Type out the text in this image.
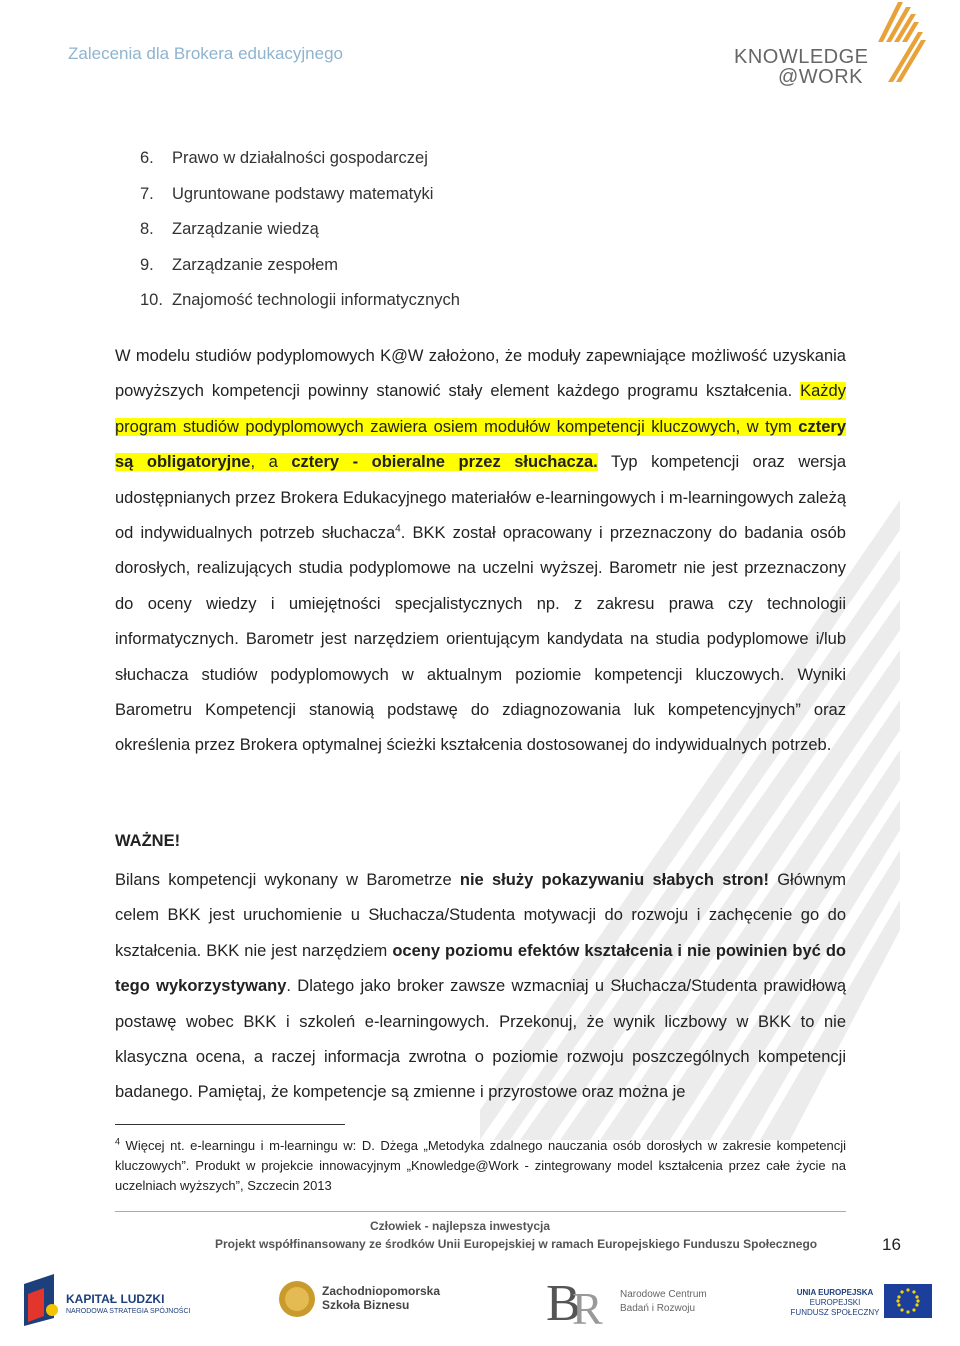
Zalecenia dla Brokera edukacyjnego	KNOWLEDGE
@WORK
6. Prawo w działalności gospodarczej
7. Ugruntowane podstawy matematyki
8. Zarządzanie wiedzą
9. Zarządzanie zespołem
10. Znajomość technologii informatycznych

W modelu studiów podyplomowych K@W założono, że moduły zapewniające możliwość uzyskania powyższych kompetencji powinny stanowić stały element każdego programu kształcenia. Każdy program studiów podyplomowych zawiera osiem modułów kompetencji kluczowych, w tym cztery są obligatoryjne, a cztery - obieralne przez słuchacza. Typ kompetencji oraz wersja udostępnianych przez Brokera Edukacyjnego materiałów e-learningowych i m-learningowych zależą od indywidualnych potrzeb słuchacza$^4$. BKK został opracowany i przeznaczony do badania osób dorosłych, realizujących studia podyplomowe na uczelni wyższej. Barometr nie jest przeznaczony do oceny wiedzy i umiejętności specjalistycznych np. z zakresu prawa czy technologii informatycznych. Barometr jest narzędziem orientującym kandydata na studia podyplomowe i/lub słuchacza studiów podyplomowych w aktualnym poziomie kompetencji kluczowych. Wyniki Barometru Kompetencji stanowią podstawę do zdiagnozowania luk kompetencyjnych” oraz określenia przez Brokera optymalnej ścieżki kształcenia dostosowanej do indywidualnych potrzeb.

WAŻNE!

Bilans kompetencji wykonany w Barometrze nie służy pokazywaniu słabych stron! Głównym celem BKK jest uruchomienie u Słuchacza/Studenta motywacji do rozwoju i zachęcenie go do kształcenia. BKK nie jest narzędziem oceny poziomu efektów kształcenia i nie powinien być do tego wykorzystywany. Dlatego jako broker zawsze wzmacniaj u Słuchacza/Studenta prawidłową postawę wobec BKK i szkoleń e-learningowych. Przekonuj, że wynik liczbowy w BKK to nie klasyczna ocena, a raczej informacja zwrotna o poziomie rozwoju poszczególnych kompetencji badanego. Pamiętaj, że kompetencje są zmienne i przyrostowe oraz można je

$^4$ Więcej nt. e-learningu i m-learningu w: D. Dżega „Metodyka zdalnego nauczania osób dorosłych w zakresie kompetencji kluczowych”. Produkt w projekcie innowacyjnym „Knowledge@Work - zintegrowany model kształcenia przez całe życie na uczelniach wyższych”, Szczecin 2013
Człowiek - najlepsza inwestycja
Projekt współfinansowany ze środków Unii Europejskiej w ramach Europejskiego Funduszu Społecznego	16
KAPITAŁ LUDZKI
NARODOWA STRATEGIA SPÓJNOŚCI
Zachodniopomorska Szkoła Biznesu	B
R Narodowe Centrum Badań i Rozwoju
UNIA EUROPEJSKA
EUROPEJSKI FUNDUSZ SPOŁECZNY
